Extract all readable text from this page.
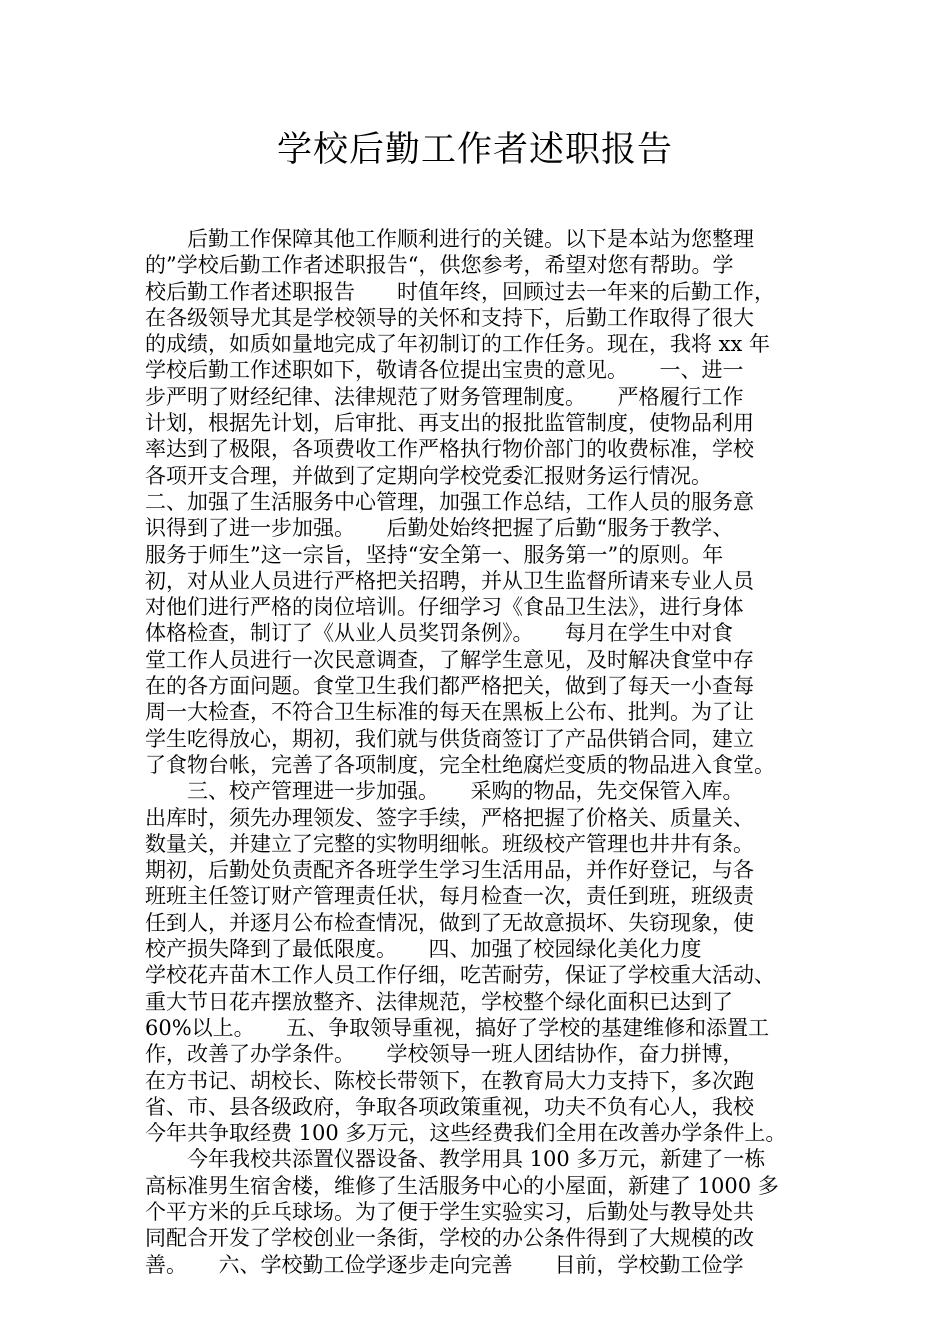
学校后勤工作者述职报告
　　后勤工作保障其他工作顺利进行的关键。以下是本站为您整理
的”学校后勤工作者述职报告“，供您参考，希望对您有帮助。学
校后勤工作者述职报告　　时值年终，回顾过去一年来的后勤工作，
在各级领导尤其是学校领导的关怀和支持下，后勤工作取得了很大
的成绩，如质如量地完成了年初制订的工作任务。现在，我将 xx 年
学校后勤工作述职如下，敬请各位提出宝贵的意见。　　一、进一
步严明了财经纪律、法律规范了财务管理制度。　　严格履行工作
计划，根据先计划，后审批、再支出的报批监管制度，使物品利用
率达到了极限，各项费收工作严格执行物价部门的收费标准，学校
各项开支合理，并做到了定期向学校党委汇报财务运行情况。
二、加强了生活服务中心管理，加强工作总结，工作人员的服务意
识得到了进一步加强。　　后勤处始终把握了后勤“服务于教学、
服务于师生”这一宗旨，坚持“安全第一、服务第一”的原则。年
初，对从业人员进行严格把关招聘，并从卫生监督所请来专业人员
对他们进行严格的岗位培训。仔细学习《食品卫生法》，进行身体
体格检查，制订了《从业人员奖罚条例》。　　每月在学生中对食
堂工作人员进行一次民意调查，了解学生意见，及时解决食堂中存
在的各方面问题。食堂卫生我们都严格把关，做到了每天一小查每
周一大检查，不符合卫生标准的每天在黑板上公布、批判。为了让
学生吃得放心，期初，我们就与供货商签订了产品供销合同，建立
了食物台帐，完善了各项制度，完全杜绝腐烂变质的物品进入食堂。
　　三、校产管理进一步加强。　　采购的物品，先交保管入库。
出库时，须先办理领发、签字手续，严格把握了价格关、质量关、
数量关，并建立了完整的实物明细帐。班级校产管理也井井有条。
期初，后勤处负责配齐各班学生学习生活用品，并作好登记，与各
班班主任签订财产管理责任状，每月检查一次，责任到班，班级责
任到人，并逐月公布检查情况，做到了无故意损坏、失窃现象，使
校产损失降到了最低限度。　　四、加强了校园绿化美化力度
学校花卉苗木工作人员工作仔细，吃苦耐劳，保证了学校重大活动、
重大节日花卉摆放整齐、法律规范，学校整个绿化面积已达到了
60%以上。　　五、争取领导重视，搞好了学校的基建维修和添置工
作，改善了办学条件。　　学校领导一班人团结协作，奋力拼博，
在方书记、胡校长、陈校长带领下，在教育局大力支持下，多次跑
省、市、县各级政府，争取各项政策重视，功夫不负有心人，我校
今年共争取经费 100 多万元，这些经费我们全用在改善办学条件上。
　　今年我校共添置仪器设备、教学用具 100 多万元，新建了一栋
高标准男生宿舍楼，维修了生活服务中心的小屋面，新建了 1000 多
个平方米的乒乓球场。为了便于学生实验实习，后勤处与教导处共
同配合开发了学校创业一条街，学校的办公条件得到了大规模的改
善。　　六、学校勤工俭学逐步走向完善　　目前，学校勤工俭学
